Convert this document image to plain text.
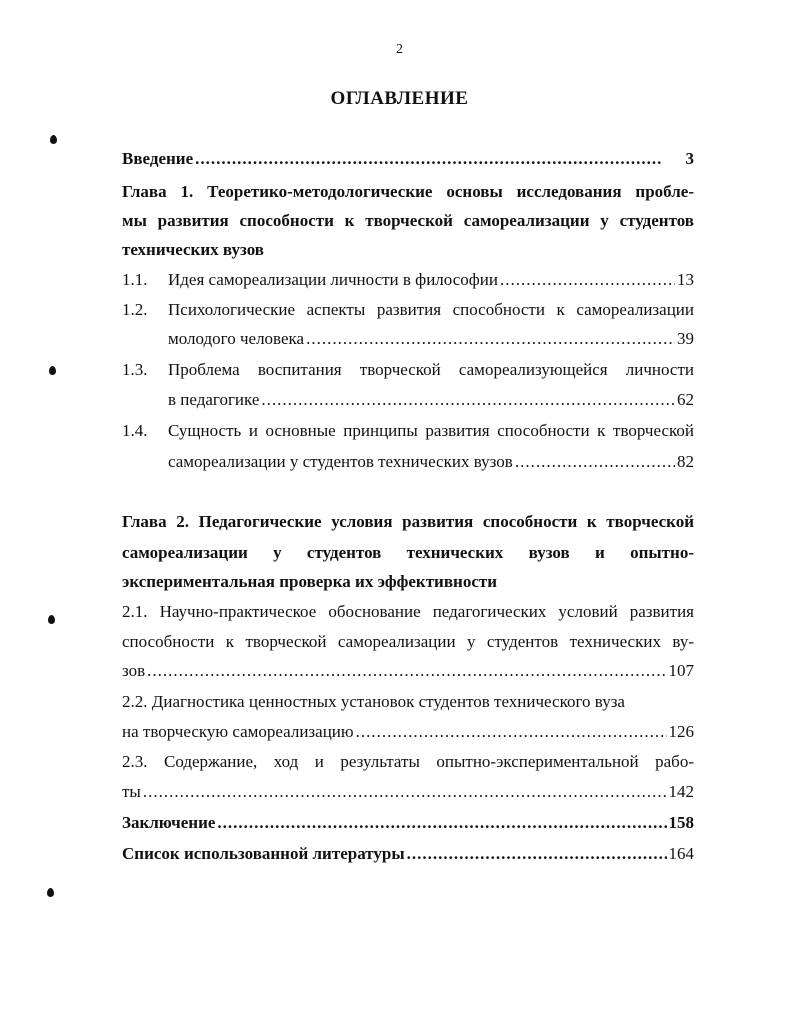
2
ОГЛАВЛЕНИЕ
Введение .....	3
Глава 1. Теоретико-методологические основы исследования пробле-
мы развития способности к творческой самореализации у студентов
технических вузов
1.1. Идея самореализации личности в философии .....	13
1.2. Психологические аспекты развития способности к самореализации
молодого человека .....	39
1.3. Проблема воспитания творческой самореализующейся личности
в педагогике .....	62
1.4. Сущность и основные принципы развития способности к творческой
самореализации у студентов технических вузов .....	82
Глава 2. Педагогические условия развития способности к творческой
самореализации у студентов технических вузов и опытно-
экспериментальная проверка их эффективности
2.1. Научно-практическое обоснование педагогических условий развития
способности к творческой самореализации у студентов технических ву-
зов .....	107
2.2. Диагностика ценностных установок студентов технического вуза
на творческую самореализацию .....	126
2.3. Содержание, ход и результаты опытно-экспериментальной рабо-
ты .....	142
Заключение .....	158
Список использованной литературы .....	164
